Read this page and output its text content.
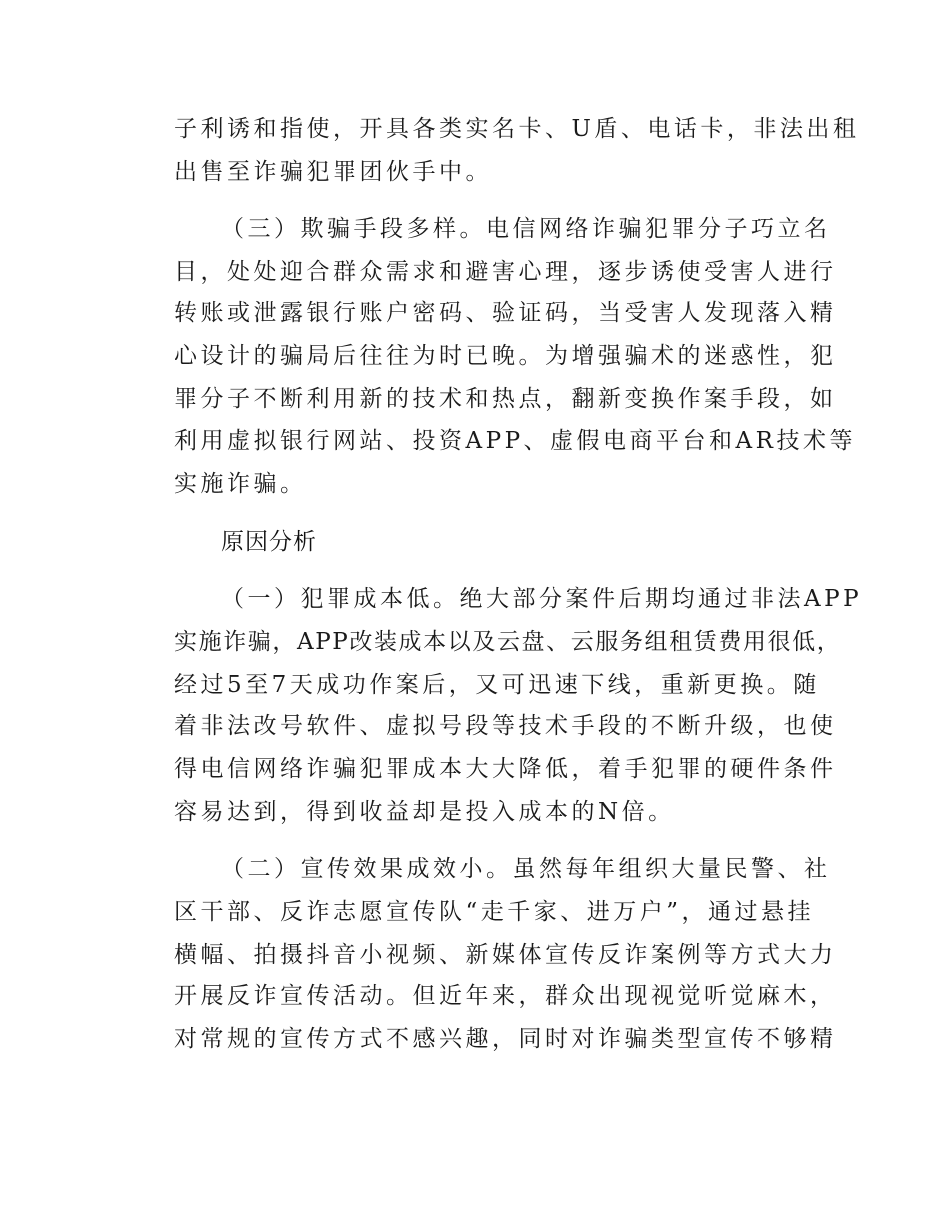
子利诱和指使，开具各类实名卡、U盾、电话卡，非法出租
出售至诈骗犯罪团伙手中。
（三）欺骗手段多样。电信网络诈骗犯罪分子巧立名
目，处处迎合群众需求和避害心理，逐步诱使受害人进行
转账或泄露银行账户密码、验证码，当受害人发现落入精
心设计的骗局后往往为时已晚。为增强骗术的迷惑性，犯
罪分子不断利用新的技术和热点，翻新变换作案手段，如
利用虚拟银行网站、投资APP、虚假电商平台和AR技术等
实施诈骗。
原因分析
（一）犯罪成本低。绝大部分案件后期均通过非法APP
实施诈骗，APP改装成本以及云盘、云服务组租赁费用很低，
经过5至7天成功作案后，又可迅速下线，重新更换。随
着非法改号软件、虚拟号段等技术手段的不断升级，也使
得电信网络诈骗犯罪成本大大降低，着手犯罪的硬件条件
容易达到，得到收益却是投入成本的N倍。
（二）宣传效果成效小。虽然每年组织大量民警、社
区干部、反诈志愿宣传队“走千家、进万户”，通过悬挂
横幅、拍摄抖音小视频、新媒体宣传反诈案例等方式大力
开展反诈宣传活动。但近年来，群众出现视觉听觉麻木，
对常规的宣传方式不感兴趣，同时对诈骗类型宣传不够精
